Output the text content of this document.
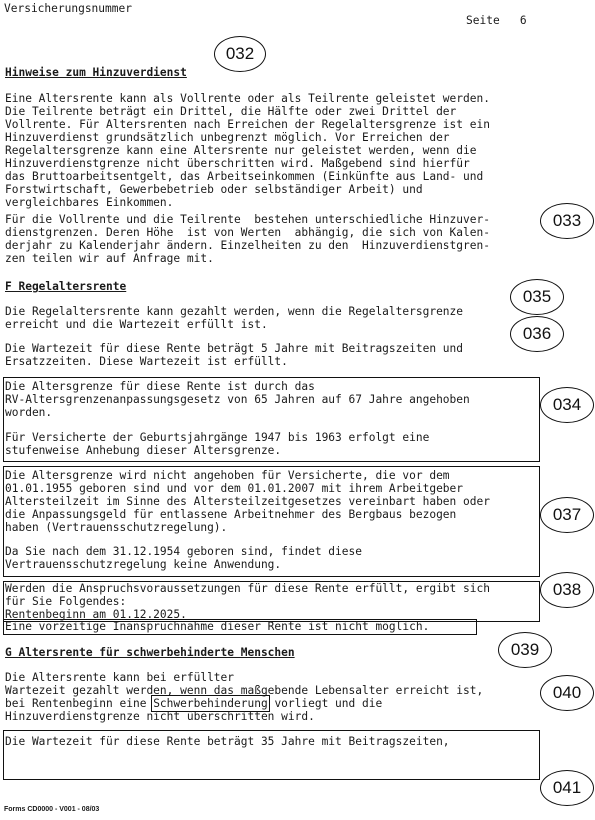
Versicherungsnummer
Seite   6
Hinweise zum Hinzuverdienst
Eine Altersrente kann als Vollrente oder als Teilrente geleistet werden.
Die Teilrente beträgt ein Drittel, die Hälfte oder zwei Drittel der
Vollrente. Für Altersrenten nach Erreichen der Regelaltersgrenze ist ein
Hinzuverdienst grundsätzlich unbegrenzt möglich. Vor Erreichen der
Regelaltersgrenze kann eine Altersrente nur geleistet werden, wenn die
Hinzuverdienstgrenze nicht überschritten wird. Maßgebend sind hierfür
das Bruttoarbeitsentgelt, das Arbeitseinkommen (Einkünfte aus Land- und
Forstwirtschaft, Gewerbebetrieb oder selbständiger Arbeit) und
vergleichbares Einkommen.
Für die Vollrente und die Teilrente  bestehen unterschiedliche Hinzuver-
dienstgrenzen. Deren Höhe  ist von Werten  abhängig, die sich von Kalen-
derjahr zu Kalenderjahr ändern. Einzelheiten zu den  Hinzuverdienstgren-
zen teilen wir auf Anfrage mit.
F Regelaltersrente
Die Regelaltersrente kann gezahlt werden, wenn die Regelaltersgrenze
erreicht und die Wartezeit erfüllt ist.
Die Wartezeit für diese Rente beträgt 5 Jahre mit Beitragszeiten und
Ersatzzeiten. Diese Wartezeit ist erfüllt.
Die Altersgrenze für diese Rente ist durch das
RV-Altersgrenzenanpassungsgesetz von 65 Jahren auf 67 Jahre angehoben
worden.
Für Versicherte der Geburtsjahrgänge 1947 bis 1963 erfolgt eine
stufenweise Anhebung dieser Altersgrenze.
Die Altersgrenze wird nicht angehoben für Versicherte, die vor dem
01.01.1955 geboren sind und vor dem 01.01.2007 mit ihrem Arbeitgeber
Altersteilzeit im Sinne des Altersteilzeitgesetzes vereinbart haben oder
die Anpassungsgeld für entlassene Arbeitnehmer des Bergbaus bezogen
haben (Vertrauensschutzregelung).
Da Sie nach dem 31.12.1954 geboren sind, findet diese
Vertrauensschutzregelung keine Anwendung.
Werden die Anspruchsvoraussetzungen für diese Rente erfüllt, ergibt sich
für Sie Folgendes:
Rentenbeginn am 01.12.2025.
Eine vorzeitige Inanspruchnahme dieser Rente ist nicht möglich.
G Altersrente für schwerbehinderte Menschen
Die Altersrente kann bei erfüllter
Wartezeit gezahlt werden, wenn das maßgebende Lebensalter erreicht ist,
bei Rentenbeginn eine Schwerbehinderung vorliegt und die
Hinzuverdienstgrenze nicht überschritten wird.
Die Wartezeit für diese Rente beträgt 35 Jahre mit Beitragszeiten,
032
033
035
036
034
037
038
039
040
041
Forms CD0000 - V001 - 08/03
